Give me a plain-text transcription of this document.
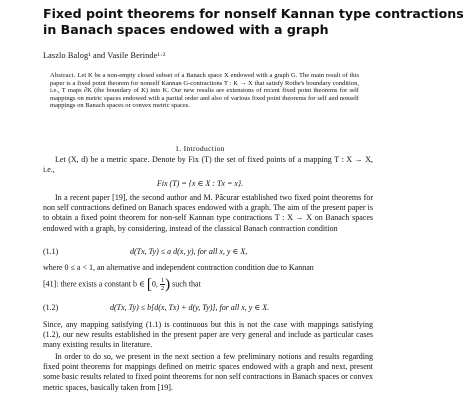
Fixed point theorems for nonself Kannan type contractions
in Banach spaces endowed with a graph
Laszlo Balog¹ and Vasile Berinde¹·²
Abstract. Let K be a non-empty closed subset of a Banach space X endowed with a graph G. The main result of this paper is a fixed point theorem for nonself Kannan G-contractions T : K → X that satisfy Rothe's boundary condition, i.e., T maps ∂K (the boundary of K) into K. Our new results are extensions of recent fixed point theorems for self mappings on metric spaces endowed with a partial order and also of various fixed point theorems for self and nonself mappings on Banach spaces or convex metric spaces.
1. Introduction
Let (X, d) be a metric space. Denote by Fix (T) the set of fixed points of a mapping T : X → X, i.e.,
Fix (T) = {x ∈ X : Tx = x}.
In a recent paper [19], the second author and M. Păcurar established two fixed point theorems for non self contractions defined on Banach spaces endowed with a graph. The aim of the present paper is to obtain a fixed point theorem for non-self Kannan type contractions T : X → X on Banach spaces endowed with a graph, by considering, instead of the classical Banach contraction condition
(1.1)	d(Tx, Ty) ≤ a d(x, y), for all x, y ∈ X,
where 0 ≤ a < 1, an alternative and independent contraction condition due to Kannan
[41]: there exists a constant b ∈ [0, $\frac{1}{2}$ ) such that
(1.2)	d(Tx, Ty) ≤ b[d(x, Tx) + d(y, Ty)], for all x, y ∈ X.
Since, any mapping satisfying (1.1) is continuous but this is not the case with mappings satisfying (1.2), our new results established in the present paper are very general and include as particular cases many existing results in literature.
In order to do so, we present in the next section a few preliminary notions and results regarding fixed point theorems for mappings defined on metric spaces endowed with a graph and next, present some basic results related to fixed point theorems for non self contractions in Banach spaces or convex metric spaces, basically taken from [19].
